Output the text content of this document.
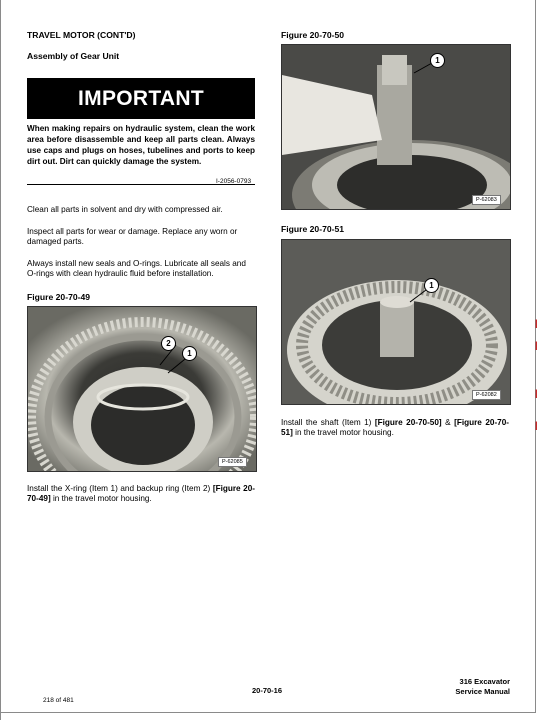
TRAVEL MOTOR (CONT'D)
Assembly of Gear Unit
IMPORTANT
When making repairs on hydraulic system, clean the work area before disassemble and keep all parts clean. Always use caps and plugs on hoses, tubelines and ports to keep dirt out. Dirt can quickly damage the system.
I-2056-0793
Clean all parts in solvent and dry with compressed air.
Inspect all parts for wear or damage. Replace any worn or damaged parts.
Always install new seals and O-rings. Lubricate all seals and O-rings with clean hydraulic fluid before installation.
Figure 20-70-49
2
1
P-62085
Install the X-ring (Item 1) and backup ring (Item 2) [Figure 20-70-49] in the travel motor housing.
Figure 20-70-50
1
P-62083
Figure 20-70-51
1
P-62082
Install the shaft (Item 1) [Figure 20-70-50] & [Figure 20-70-51] in the travel motor housing.
|
|
|
|
218 of 481
20-70-16
316 Excavator
Service Manual
